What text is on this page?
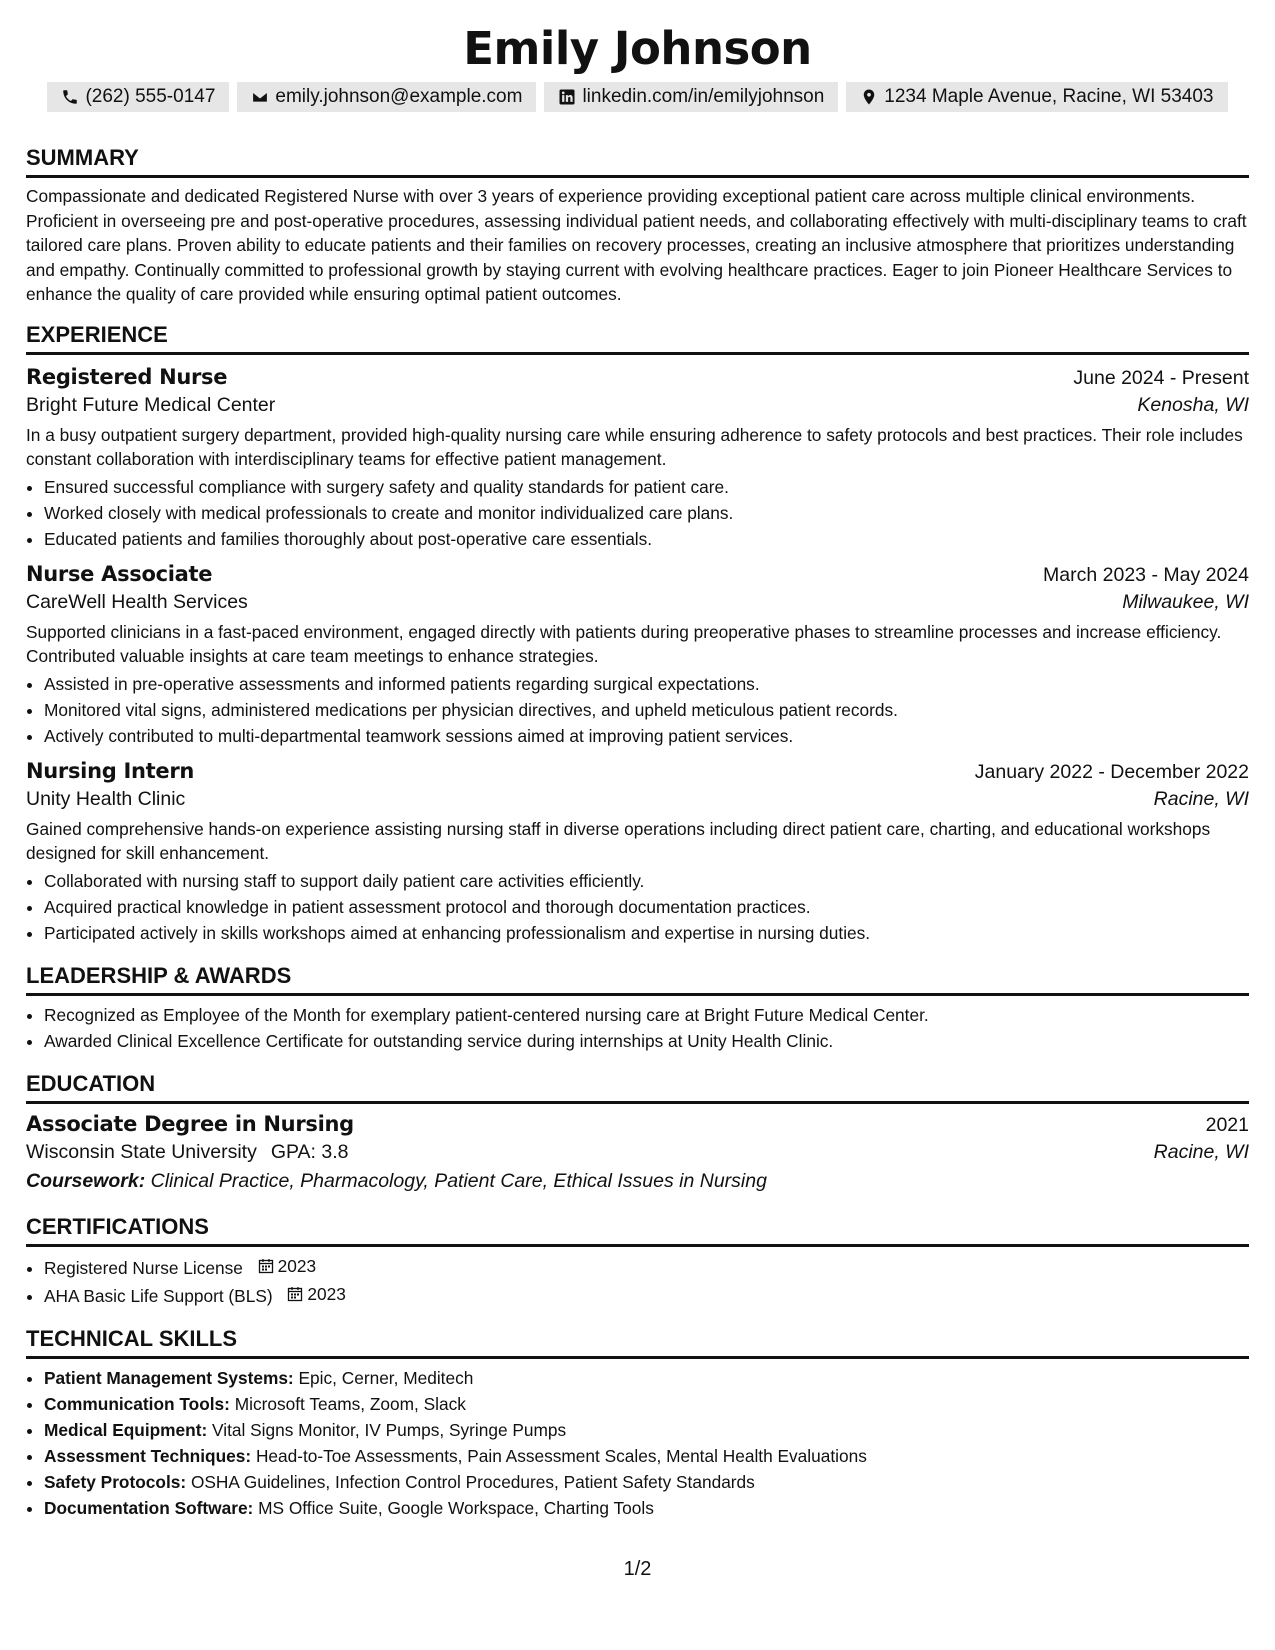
Emily Johnson
(262) 555-0147	emily.johnson@example.com	linkedin.com/in/emilyjohnson	1234 Maple Avenue, Racine, WI 53403
SUMMARY

Compassionate and dedicated Registered Nurse with over 3 years of experience providing exceptional patient care across multiple clinical environments. Proficient in overseeing pre and post-operative procedures, assessing individual patient needs, and collaborating effectively with multi-disciplinary teams to craft tailored care plans. Proven ability to educate patients and their families on recovery processes, creating an inclusive atmosphere that prioritizes understanding and empathy. Continually committed to professional growth by staying current with evolving healthcare practices. Eager to join Pioneer Healthcare Services to enhance the quality of care provided while ensuring optimal patient outcomes.

EXPERIENCE
Registered Nurse	June 2024 - Present
Bright Future Medical Center	Kenosha, WI

In a busy outpatient surgery department, provided high-quality nursing care while ensuring adherence to safety protocols and best practices. Their role includes constant collaboration with interdisciplinary teams for effective patient management.

• Ensured successful compliance with surgery safety and quality standards for patient care.
• Worked closely with medical professionals to create and monitor individualized care plans.
• Educated patients and families thoroughly about post-operative care essentials.
Nurse Associate	March 2023 - May 2024
CareWell Health Services	Milwaukee, WI

Supported clinicians in a fast-paced environment, engaged directly with patients during preoperative phases to streamline processes and increase efficiency. Contributed valuable insights at care team meetings to enhance strategies.

• Assisted in pre-operative assessments and informed patients regarding surgical expectations.
• Monitored vital signs, administered medications per physician directives, and upheld meticulous patient records.
• Actively contributed to multi-departmental teamwork sessions aimed at improving patient services.
Nursing Intern	January 2022 - December 2022
Unity Health Clinic	Racine, WI

Gained comprehensive hands-on experience assisting nursing staff in diverse operations including direct patient care, charting, and educational workshops designed for skill enhancement.

• Collaborated with nursing staff to support daily patient care activities efficiently.
• Acquired practical knowledge in patient assessment protocol and thorough documentation practices.
• Participated actively in skills workshops aimed at enhancing professionalism and expertise in nursing duties.
LEADERSHIP & AWARDS
• Recognized as Employee of the Month for exemplary patient-centered nursing care at Bright Future Medical Center.
• Awarded Clinical Excellence Certificate for outstanding service during internships at Unity Health Clinic.
EDUCATION
Associate Degree in Nursing	2021
Wisconsin State University GPA: 3.8	Racine, WI
Coursework: Clinical Practice, Pharmacology, Patient Care, Ethical Issues in Nursing
CERTIFICATIONS
• Registered Nurse License 2023
• AHA Basic Life Support (BLS) 2023
TECHNICAL SKILLS
• Patient Management Systems: Epic, Cerner, Meditech
• Communication Tools: Microsoft Teams, Zoom, Slack
• Medical Equipment: Vital Signs Monitor, IV Pumps, Syringe Pumps
• Assessment Techniques: Head-to-Toe Assessments, Pain Assessment Scales, Mental Health Evaluations
• Safety Protocols: OSHA Guidelines, Infection Control Procedures, Patient Safety Standards
• Documentation Software: MS Office Suite, Google Workspace, Charting Tools
1/2
